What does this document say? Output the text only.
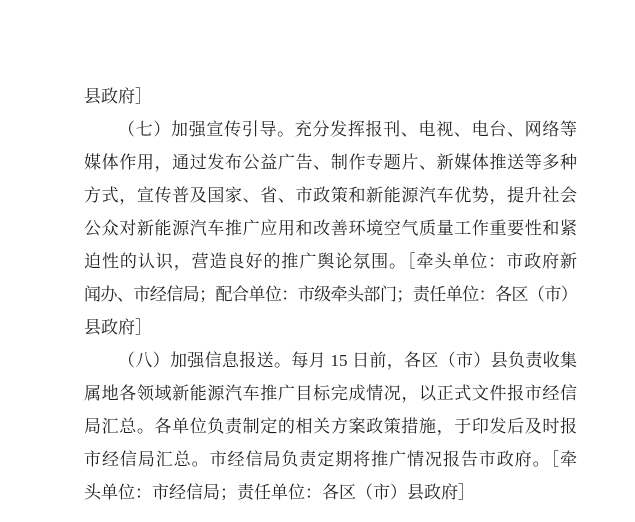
县政府］
（七）加强宣传引导。充分发挥报刊、电视、电台、网络等
媒体作用，通过发布公益广告、制作专题片、新媒体推送等多种
方式，宣传普及国家、省、市政策和新能源汽车优势，提升社会
公众对新能源汽车推广应用和改善环境空气质量工作重要性和紧
迫性的认识，营造良好的推广舆论氛围。［牵头单位：市政府新
闻办、市经信局；配合单位：市级牵头部门；责任单位：各区（市）
县政府］
（八）加强信息报送。每月 15 日前，各区（市）县负责收集
属地各领域新能源汽车推广目标完成情况，以正式文件报市经信
局汇总。各单位负责制定的相关方案政策措施，于印发后及时报
市经信局汇总。市经信局负责定期将推广情况报告市政府。［牵
头单位：市经信局；责任单位：各区（市）县政府］
